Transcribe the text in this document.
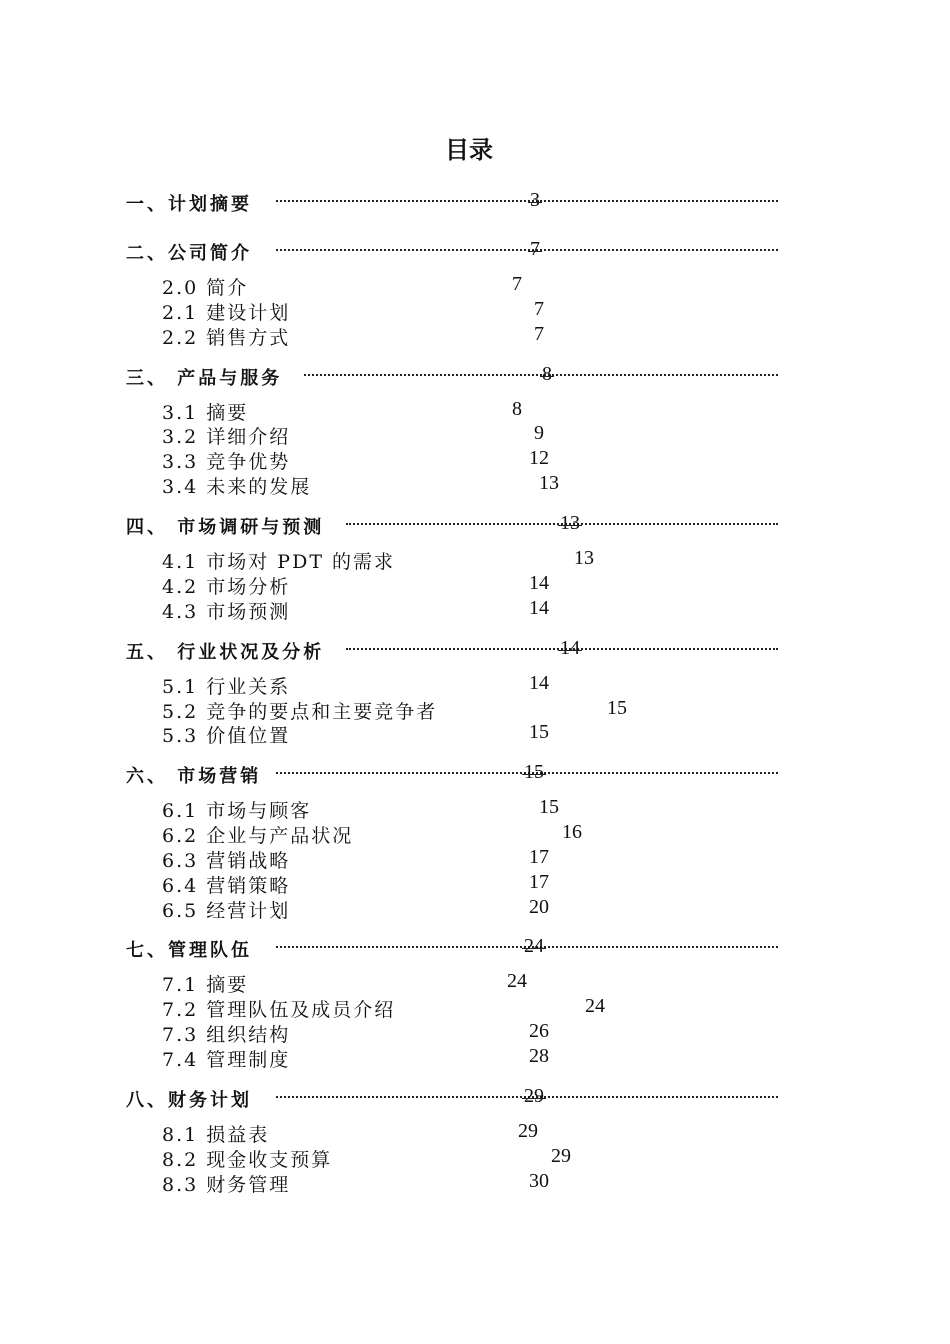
目录
一、计划摘要	3
二、公司简介	7
2.0 简介	7
2.1 建设计划	7
2.2 销售方式	7
三、 产品与服务	8
3.1 摘要	8
3.2 详细介绍	9
3.3 竞争优势	12
3.4 未来的发展	13
四、 市场调研与预测	13
4.1 市场对 PDT 的需求	13
4.2 市场分析	14
4.3 市场预测	14
五、 行业状况及分析	14
5.1 行业关系	14
5.2 竞争的要点和主要竞争者	15
5.3 价值位置	15
六、 市场营销	15
6.1 市场与顾客	15
6.2 企业与产品状况	16
6.3 营销战略	17
6.4 营销策略	17
6.5 经营计划	20
七、管理队伍	24
7.1 摘要	24
7.2 管理队伍及成员介绍	24
7.3 组织结构	26
7.4 管理制度	28
八、财务计划	29
8.1 损益表	29
8.2 现金收支预算	29
8.3 财务管理	30
